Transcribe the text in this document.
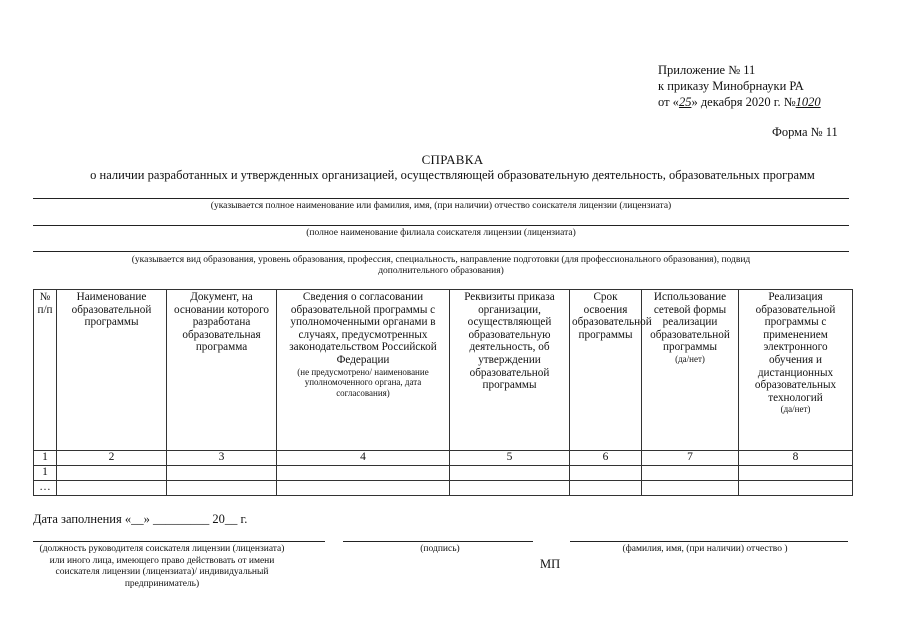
Приложение № 11
к приказу Минобрнауки РА
от «25» декабря 2020 г. №1020
Форма № 11
СПРАВКА
о наличии разработанных и утвержденных организацией, осуществляющей образовательную деятельность, образовательных программ
(указывается полное наименование или фамилия, имя, (при наличии) отчество соискателя лицензии (лицензиата)
(полное наименование филиала соискателя лицензии (лицензиата)
(указывается вид образования, уровень образования, профессия, специальность, направление подготовки (для профессионального образования), подвид
дополнительного образования)
№ п/п	Наименование образовательной программы	Документ, на основании которого разработана образовательная программа	Сведения о согласовании образовательной программы с уполномоченными органами в случаях, предусмотренных законодательством Российской Федерации
(не предусмотрено/ наименование уполномоченного органа, дата согласования)	Реквизиты приказа организации, осуществляющей образовательную деятельность, об утверждении образовательной программы	Срок освоения образовательной программы	Использование сетевой формы реализации образовательной программы
(да/нет)	Реализация образовательной программы с применением электронного обучения и дистанционных образовательных технологий
(да/нет)

1	2	3	4	5	6	7	8
1							
…							
Дата заполнения «__» _________ 20__ г.
(должность руководителя соискателя лицензии (лицензиата) или иного лица, имеющего право действовать от имени соискателя лицензии (лицензиата)/ индивидуальный предприниматель)
(подпись)	(фамилия, имя, (при наличии) отчество )
МП
